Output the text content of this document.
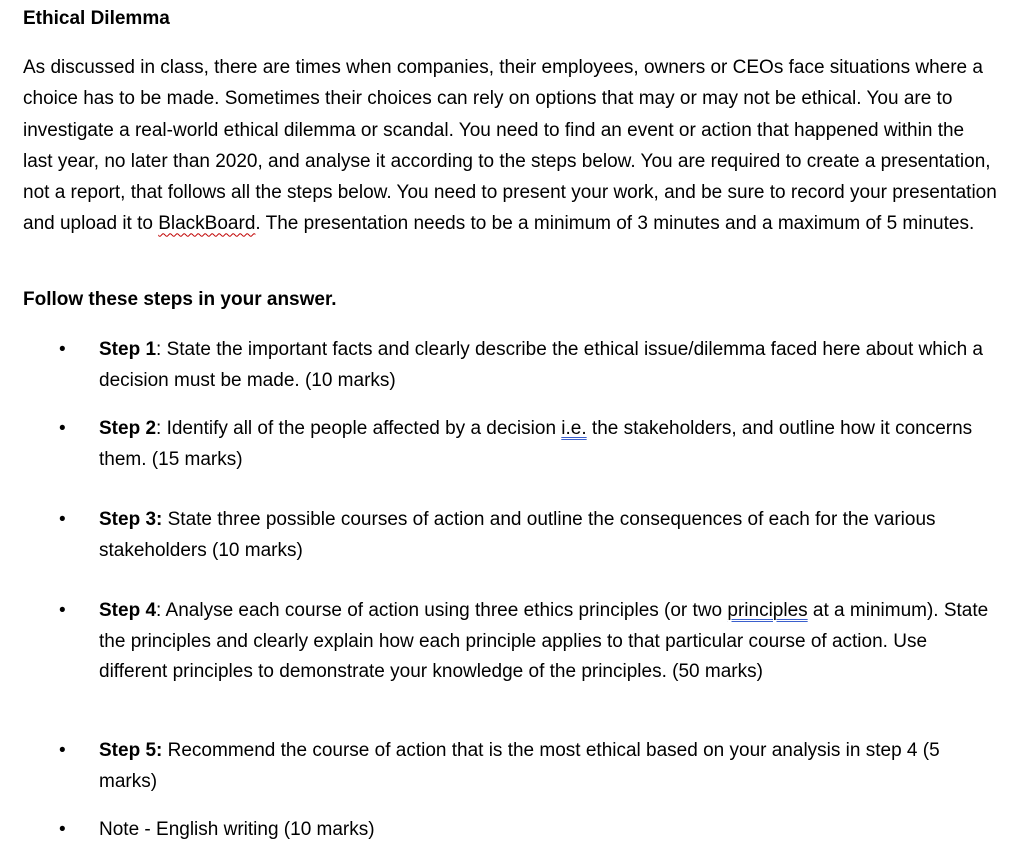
Ethical Dilemma

As discussed in class, there are times when companies, their employees, owners or CEOs face situations where a choice has to be made. Sometimes their choices can rely on options that may or may not be ethical. You are to investigate a real-world ethical dilemma or scandal. You need to find an event or action that happened within the last year, no later than 2020, and analyse it according to the steps below. You are required to create a presentation, not a report, that follows all the steps below. You need to present your work, and be sure to record your presentation and upload it to BlackBoard. The presentation needs to be a minimum of 3 minutes and a maximum of 5 minutes.

Follow these steps in your answer.
• Step 1: State the important facts and clearly describe the ethical issue/dilemma faced here about which a decision must be made. (10 marks)
• Step 2: Identify all of the people affected by a decision i.e. the stakeholders, and outline how it concerns them. (15 marks)
• Step 3: State three possible courses of action and outline the consequences of each for the various stakeholders (10 marks)
• Step 4: Analyse each course of action using three ethics principles (or two principles at a minimum). State the principles and clearly explain how each principle applies to that particular course of action. Use different principles to demonstrate your knowledge of the principles. (50 marks)
• Step 5: Recommend the course of action that is the most ethical based on your analysis in step 4 (5 marks)
• Note - English writing (10 marks)
